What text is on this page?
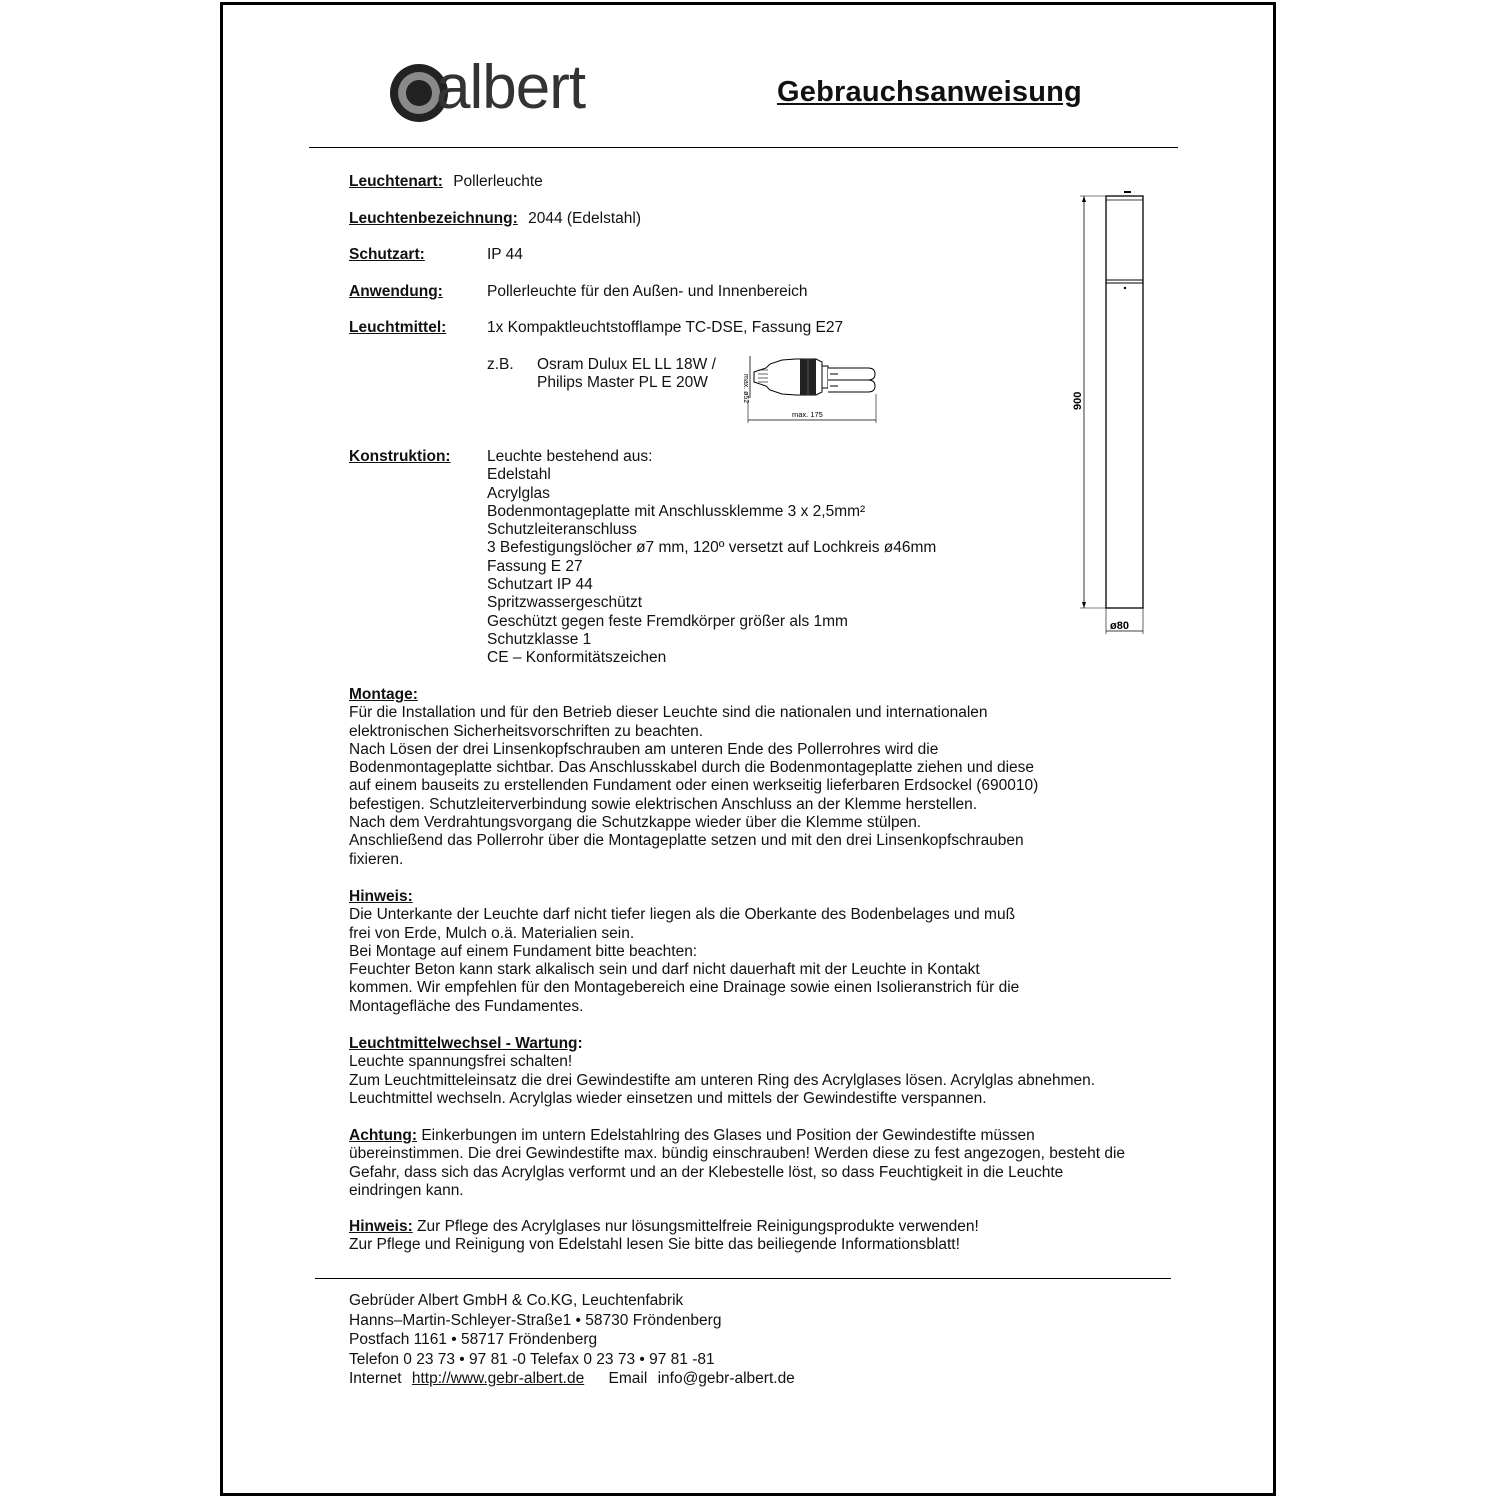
albert	Gebrauchsanweisung
Leuchtenart: Pollerleuchte
Leuchtenbezeichnung: 2044 (Edelstahl)
Schutzart:	IP 44
Anwendung:	Pollerleuchte für den Außen- und Innenbereich
Leuchtmittel:	1x Kompaktleuchtstofflampe TC-DSE, Fassung E27
z.B. Osram Dulux EL LL 18W /
Philips Master PL E 20W	max. ø52
max. 175
900
ø80
Konstruktion: Leuchte bestehend aus:
Edelstahl
Acrylglas
Bodenmontageplatte mit Anschlussklemme 3 x 2,5mm²
Schutzleiteranschluss
3 Befestigungslöcher ø7 mm, 120º versetzt auf Lochkreis ø46mm
Fassung E 27
Schutzart IP 44
Spritzwassergeschützt
Geschützt gegen feste Fremdkörper größer als 1mm
Schutzklasse 1
CE – Konformitätszeichen
Montage:
Für die Installation und für den Betrieb dieser Leuchte sind die nationalen und internationalen
elektronischen Sicherheitsvorschriften zu beachten.
Nach Lösen der drei Linsenkopfschrauben am unteren Ende des Pollerrohres wird die
Bodenmontageplatte sichtbar. Das Anschlusskabel durch die Bodenmontageplatte ziehen und diese
auf einem bauseits zu erstellenden Fundament oder einen werkseitig lieferbaren Erdsockel (690010)
befestigen. Schutzleiterverbindung sowie elektrischen Anschluss an der Klemme herstellen.
Nach dem Verdrahtungsvorgang die Schutzkappe wieder über die Klemme stülpen.
Anschließend das Pollerrohr über die Montageplatte setzen und mit den drei Linsenkopfschrauben
fixieren.
Hinweis:
Die Unterkante der Leuchte darf nicht tiefer liegen als die Oberkante des Bodenbelages und muß
frei von Erde, Mulch o.ä. Materialien sein.
Bei Montage auf einem Fundament bitte beachten:
Feuchter Beton kann stark alkalisch sein und darf nicht dauerhaft mit der Leuchte in Kontakt
kommen. Wir empfehlen für den Montagebereich eine Drainage sowie einen Isolieranstrich für die
Montagefläche des Fundamentes.
Leuchtmittelwechsel - Wartung:
Leuchte spannungsfrei schalten!
Zum Leuchtmitteleinsatz die drei Gewindestifte am unteren Ring des Acrylglases lösen. Acrylglas abnehmen.
Leuchtmittel wechseln. Acrylglas wieder einsetzen und mittels der Gewindestifte verspannen.
Achtung: Einkerbungen im untern Edelstahlring des Glases und Position der Gewindestifte müssen
übereinstimmen. Die drei Gewindestifte max. bündig einschrauben! Werden diese zu fest angezogen, besteht die
Gefahr, dass sich das Acrylglas verformt und an der Klebestelle löst, so dass Feuchtigkeit in die Leuchte
eindringen kann.
Hinweis: Zur Pflege des Acrylglases nur lösungsmittelfreie Reinigungsprodukte verwenden!
Zur Pflege und Reinigung von Edelstahl lesen Sie bitte das beiliegende Informationsblatt!
Gebrüder Albert GmbH & Co.KG, Leuchtenfabrik
Hanns–Martin-Schleyer-Straße1 • 58730 Fröndenberg
Postfach 1161 • 58717 Fröndenberg
Telefon 0 23 73 • 97 81 -0 Telefax 0 23 73 • 97 81 -81
Internet http://www.gebr-albert.de Email info@gebr-albert.de
